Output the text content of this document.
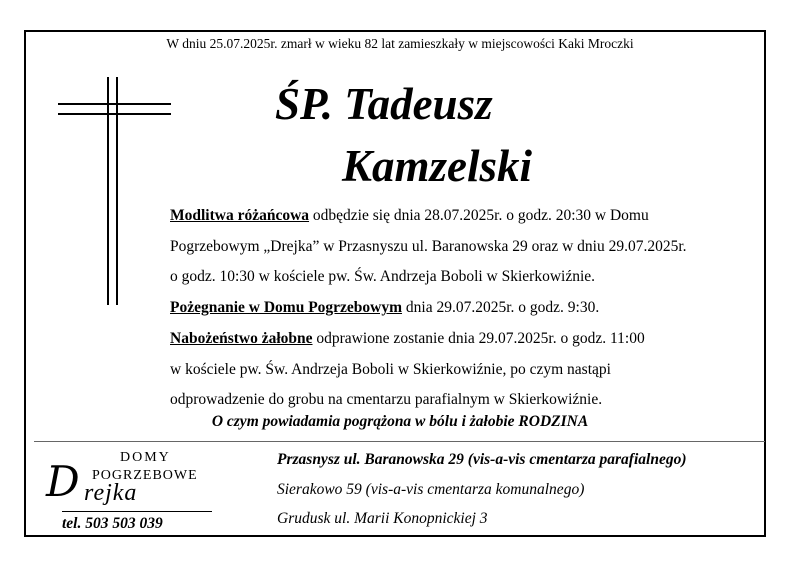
W dniu 25.07.2025r. zmarł w wieku 82 lat zamieszkały w miejscowości Kaki Mroczki
ŚP. Tadeusz
Kamzelski
Modlitwa różańcowa odbędzie się dnia 28.07.2025r. o godz. 20:30 w Domu
Pogrzebowym „Drejka” w Przasnyszu ul. Baranowska 29 oraz w dniu 29.07.2025r.
o godz. 10:30 w kościele pw. Św. Andrzeja Boboli w Skierkowiźnie.
Pożegnanie w Domu Pogrzebowym dnia 29.07.2025r. o godz. 9:30.
Nabożeństwo żałobne odprawione zostanie dnia 29.07.2025r. o godz. 11:00
w kościele pw. Św. Andrzeja Boboli w Skierkowiźnie, po czym nastąpi
odprowadzenie do grobu na cmentarzu parafialnym w Skierkowiźnie.
O czym powiadamia pogrążona w bólu i żałobie RODZINA
DOMY
POGRZEBOWE
D rejka
tel. 503 503 039
Przasnysz ul. Baranowska 29 (vis-a-vis cmentarza parafialnego)
Sierakowo 59 (vis-a-vis cmentarza komunalnego)
Grudusk ul. Marii Konopnickiej 3
